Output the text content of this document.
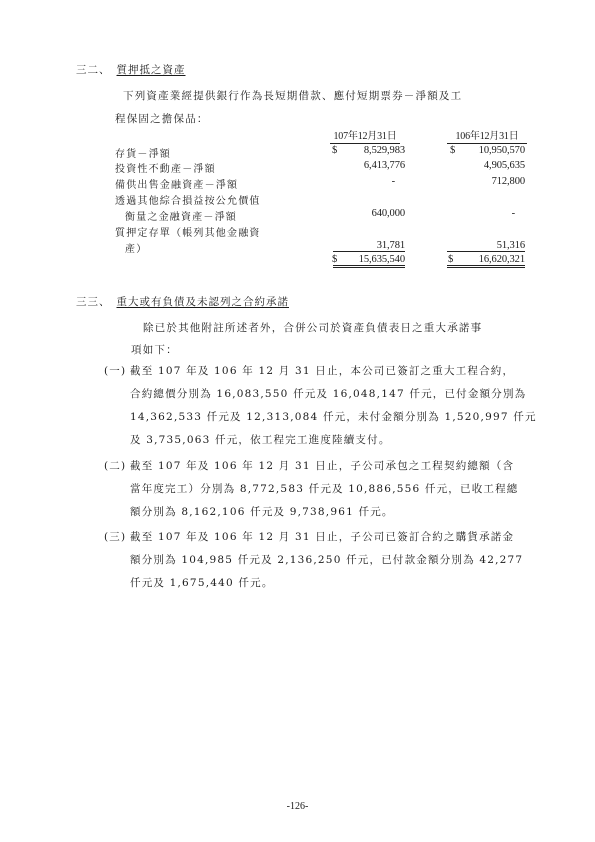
三二、 質押抵之資產
下列資產業經提供銀行作為長短期借款、應付短期票券－淨額及工
程保固之擔保品：
107年12月31日	106年12月31日
存貨－淨額	$	8,529,983	$	10,950,570
投資性不動產－淨額	6,413,776	4,905,635
備供出售金融資產－淨額	-	712,800
透過其他綜合損益按公允價值
衡量之金融資產－淨額	640,000	-
質押定存單（帳列其他金融資
產）	31,781	51,316
$	15,635,540	$	16,620,321
三三、 重大或有負債及未認列之合約承諾
除已於其他附註所述者外，合併公司於資產負債表日之重大承諾事
項如下：
(一) 截至 107 年及 106 年 12 月 31 日止，本公司已簽訂之重大工程合約，
合約總價分別為 16,083,550 仟元及 16,048,147 仟元，已付金額分別為
14,362,533 仟元及 12,313,084 仟元，未付金額分別為 1,520,997 仟元
及 3,735,063 仟元，依工程完工進度陸續支付。
(二) 截至 107 年及 106 年 12 月 31 日止，子公司承包之工程契約總額（含
當年度完工）分別為 8,772,583 仟元及 10,886,556 仟元，已收工程總
額分別為 8,162,106 仟元及 9,738,961 仟元。
(三) 截至 107 年及 106 年 12 月 31 日止，子公司已簽訂合約之購貨承諾金
額分別為 104,985 仟元及 2,136,250 仟元，已付款金額分別為 42,277
仟元及 1,675,440 仟元。
-126-
